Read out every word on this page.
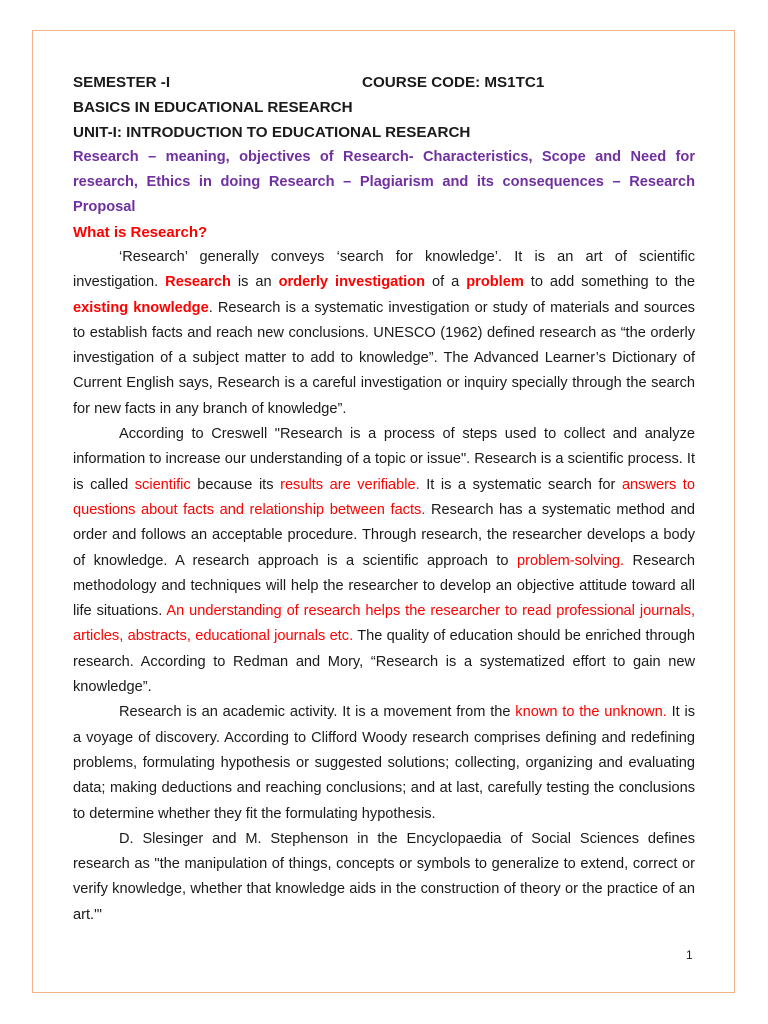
SEMESTER -I	COURSE CODE: MS1TC1
BASICS IN EDUCATIONAL RESEARCH
UNIT-I: INTRODUCTION TO EDUCATIONAL RESEARCH
Research – meaning, objectives of Research- Characteristics, Scope and Need for research, Ethics in doing Research – Plagiarism and its consequences – Research Proposal
What is Research?

‘Research’ generally conveys ‘search for knowledge’. It is an art of scientific investigation. Research is an orderly investigation of a problem to add something to the existing knowledge. Research is a systematic investigation or study of materials and sources to establish facts and reach new conclusions. UNESCO (1962) defined research as “the orderly investigation of a subject matter to add to knowledge”. The Advanced Learner’s Dictionary of Current English says, Research is a careful investigation or inquiry specially through the search for new facts in any branch of knowledge”.

According to Creswell "Research is a process of steps used to collect and analyze information to increase our understanding of a topic or issue". Research is a scientific process. It is called scientific because its results are verifiable. It is a systematic search for answers to questions about facts and relationship between facts. Research has a systematic method and order and follows an acceptable procedure. Through research, the researcher develops a body of knowledge. A research approach is a scientific approach to problem-solving. Research methodology and techniques will help the researcher to develop an objective attitude toward all life situations. An understanding of research helps the researcher to read professional journals, articles, abstracts, educational journals etc. The quality of education should be enriched through research. According to Redman and Mory, “Research is a systematized effort to gain new knowledge”.

Research is an academic activity. It is a movement from the known to the unknown. It is a voyage of discovery. According to Clifford Woody research comprises defining and redefining problems, formulating hypothesis or suggested solutions; collecting, organizing and evaluating data; making deductions and reaching conclusions; and at last, carefully testing the conclusions to determine whether they fit the formulating hypothesis.

D. Slesinger and M. Stephenson in the Encyclopaedia of Social Sciences defines research as "the manipulation of things, concepts or symbols to generalize to extend, correct or verify knowledge, whether that knowledge aids in the construction of theory or the practice of an art."'

1
